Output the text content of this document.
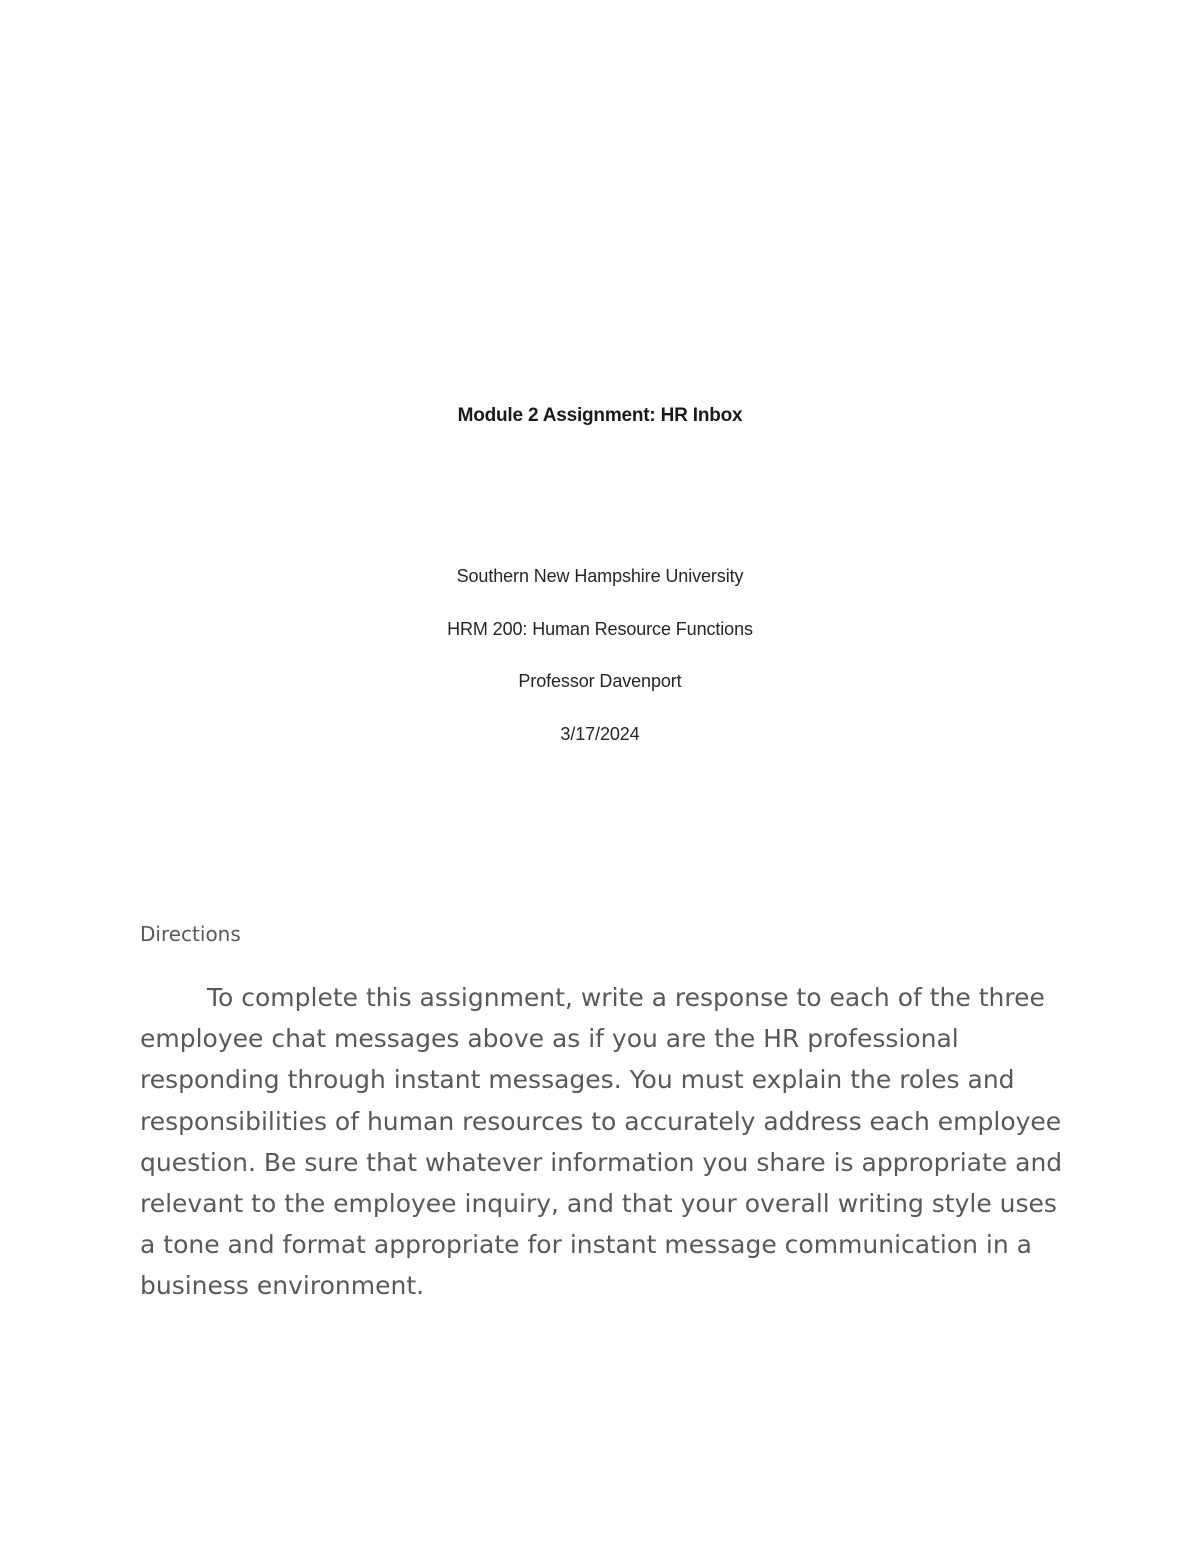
Module 2 Assignment: HR Inbox
Southern New Hampshire University
HRM 200: Human Resource Functions
Professor Davenport
3/17/2024
Directions

To complete this assignment, write a response to each of the three employee chat messages above as if you are the HR professional responding through instant messages. You must explain the roles and responsibilities of human resources to accurately address each employee question. Be sure that whatever information you share is appropriate and relevant to the employee inquiry, and that your overall writing style uses a tone and format appropriate for instant message communication in a business environment.
